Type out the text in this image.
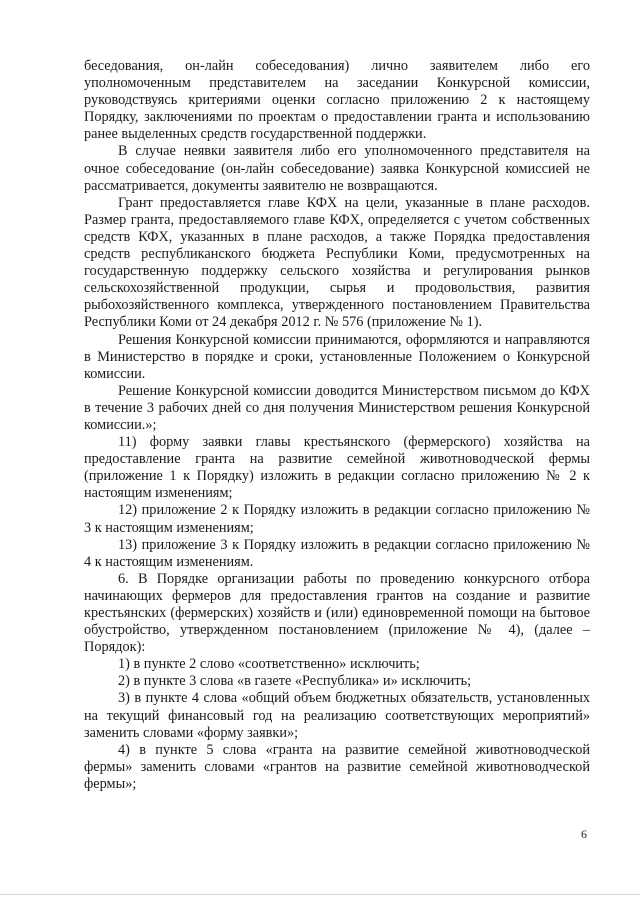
беседования, он-лайн собеседования) лично заявителем либо его уполномоченным представителем на заседании Конкурсной комиссии, руководствуясь критериями оценки согласно приложению 2 к настоящему Порядку, заключениями по проектам о предоставлении гранта и использованию ранее выделенных средств государственной поддержки.

В случае неявки заявителя либо его уполномоченного представителя на очное собеседование (он-лайн собеседование) заявка Конкурсной комиссией не рассматривается, документы заявителю не возвращаются.

Грант предоставляется главе КФХ на цели, указанные в плане расходов. Размер гранта, предоставляемого главе КФХ, определяется с учетом собственных средств КФХ, указанных в плане расходов, а также Порядка предоставления средств республиканского бюджета Республики Коми, предусмотренных на государственную поддержку сельского хозяйства и регулирования рынков сельскохозяйственной продукции, сырья и продовольствия, развития рыбохозяйственного комплекса, утвержденного постановлением Правительства Республики Коми от 24 декабря 2012 г. № 576 (приложение № 1).

Решения Конкурсной комиссии принимаются, оформляются и направляются в Министерство в порядке и сроки, установленные Положением о Конкурсной комиссии.

Решение Конкурсной комиссии доводится Министерством письмом до КФХ в течение 3 рабочих дней со дня получения Министерством решения Конкурсной комиссии.»;

11) форму заявки главы крестьянского (фермерского) хозяйства на предоставление гранта на развитие семейной животноводческой фермы (приложение 1 к Порядку) изложить в редакции согласно приложению № 2 к настоящим изменениям;

12) приложение 2 к Порядку изложить в редакции согласно приложению № 3 к настоящим изменениям;

13) приложение 3 к Порядку изложить в редакции согласно приложению № 4 к настоящим изменениям.

6. В Порядке организации работы по проведению конкурсного отбора начинающих фермеров для предоставления грантов на создание и развитие крестьянских (фермерских) хозяйств и (или) единовременной помощи на бытовое обустройство, утвержденном постановлением (приложение № 4), (далее – Порядок):

1) в пункте 2 слово «соответственно» исключить;

2) в пункте 3 слова «в газете «Республика» и» исключить;

3) в пункте 4 слова «общий объем бюджетных обязательств, установленных на текущий финансовый год на реализацию соответствующих мероприятий» заменить словами «форму заявки»;

4) в пункте 5 слова «гранта на развитие семейной животноводческой фермы» заменить словами «грантов на развитие семейной животноводческой фермы»;

6
